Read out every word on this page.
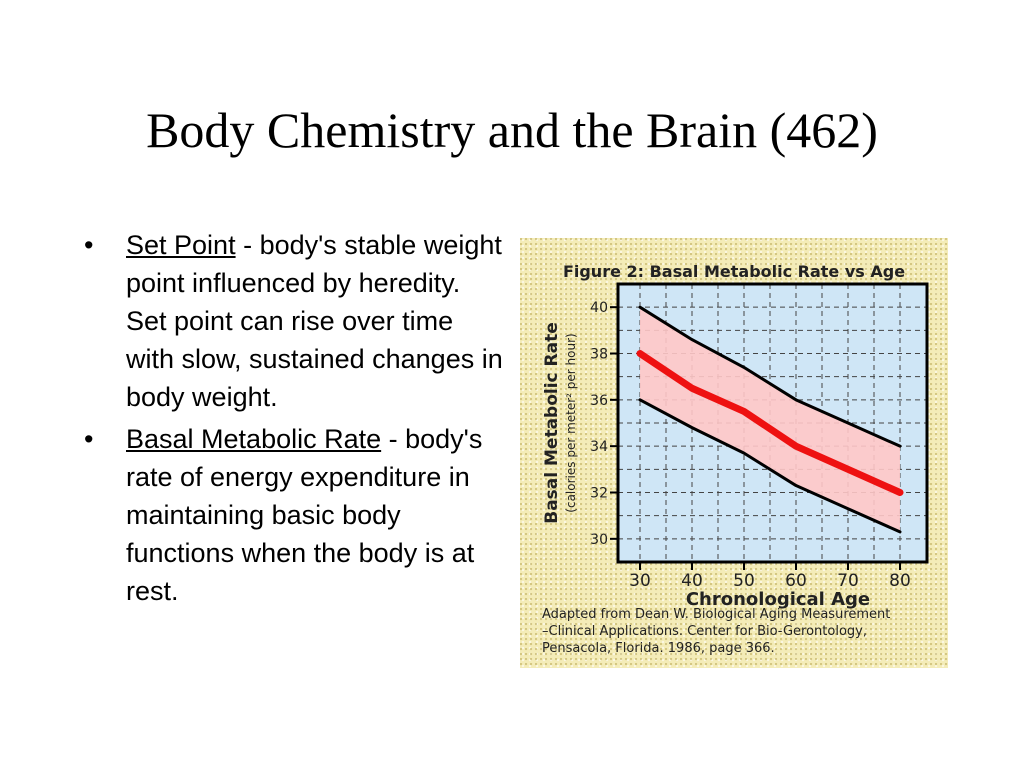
Body Chemistry and the Brain (462)
•	Set Point - body's stable weight point influenced by heredity. Set point can rise over time with slow, sustained changes in body weight.
•	Basal Metabolic Rate - body's rate of energy expenditure in maintaining basic body functions when the body is at rest.
Figure 2: Basal Metabolic Rate vs Age
30
32
34
36
38
40
30 40 50 60 70 80
Chronological Age
Basal Metabolic Rate (calories per meter² per hour)
Adapted from Dean W. Biological Aging Measurement
–Clinical Applications. Center for Bio-Gerontology,
Pensacola, Florida. 1986, page 366.
